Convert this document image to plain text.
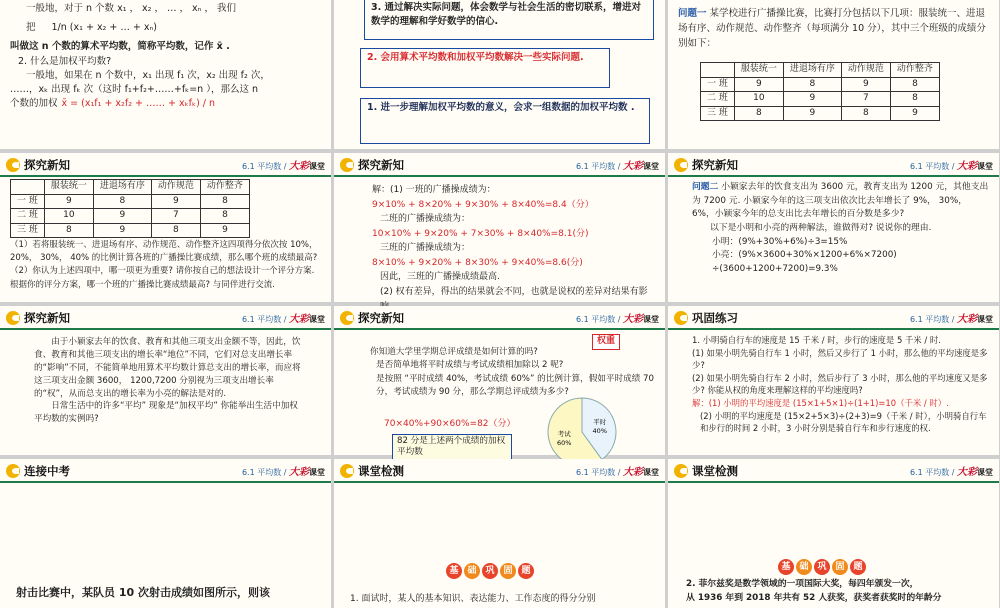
一般地，对于 n 个数 x₁ ， x₂ ， … ， xₙ ， 我们
把 1/n (x₁ + x₂ + … + xₙ)
叫做这 n 个数的算术平均数，简称平均数，记作 x̄ .
2. 什么是加权平均数?
一般地，如果在 n 个数中，x₁ 出现 f₁ 次，x₂ 出现 f₂ 次，
……，xₖ 出现 fₖ 次（这时 f₁+f₂+……+fₖ=n ），那么这 n
个数的加权 x̄ = (x₁f₁ + x₂f₂ + …… + xₖfₖ) / n
3. 通过解决实际问题，体会数学与社会生活的密切联系，增进对数学的理解和学好数学的信心.
2. 会用算术平均数和加权平均数解决一些实际问题.
1. 进一步理解加权平均数的意义，会求一组数据的加权平均数 .
问题一 某学校进行广播操比赛，比赛打分包括以下几项：服装统一、进退场有序、动作规范、动作整齐（每项满分 10 分），其中三个班级的成绩分别如下：
	服装统一	进退场有序	动作规范	动作整齐
一 班	9	8	9	8
二 班	10	9	7	8
三 班	8	9	8	9
探究新知	6.1 平均数 / 大彩课堂
	服装统一	进退场有序	动作规范	动作整齐
一 班	9	8	9	8
二 班	10	9	7	8
三 班	8	9	8	9
（1）若将服装统一、进退场有序、动作规范、动作整齐这四项得分依次按 10%， 20%， 30%， 40% 的比例计算各班的广播操比赛成绩，那么哪个班的成绩最高?
（2）你认为上述四项中，哪一项更为重要? 请你按自己的想法设计一个评分方案. 根据你的评分方案，哪一个班的广播操比赛成绩最高? 与同伴进行交流.
探究新知	6.1 平均数 / 大彩课堂
解：(1) 一班的广播操成绩为：
9×10% + 8×20% + 9×30% + 8×40%=8.4（分）
二班的广播操成绩为：
10×10% + 9×20% + 7×30% + 8×40%=8.1(分)
三班的广播操成绩为：
8×10% + 9×20% + 8×30% + 9×40%=8.6(分)
因此，三班的广播操成绩最高.
(2) 权有差异，得出的结果就会不同，也就是说权的差异对结果有影
探究新知	6.1 平均数 / 大彩课堂
问题二 小颖家去年的饮食支出为 3600 元，教育支出为 1200 元，其他支出为 7200 元. 小颖家今年的这三项支出依次比去年增长了 9%， 30%， 6%，小颖家今年的总支出比去年增长的百分数是多少?
以下是小明和小亮的两种解法，谁做得对? 说说你的理由.
小明：(9%+30%+6%)÷3=15%
小亮：(9%×3600+30%×1200+6%×7200)
÷(3600+1200+7200)=9.3%
探究新知	6.1 平均数 / 大彩课堂
由于小颖家去年的饮食、教育和其他三项支出金额不等，因此，饮食、教育和其他三项支出的增长率“地位”不同，它们对总支出增长率的“影响”不同，不能简单地用算术平均数计算总支出的增长率，而应将这三项支出金额 3600， 1200,7200 分别视为三项支出增长率的“权”，从而总支出的增长率为小亮的解法是对的.
日常生活中的许多“平均” 现象是“加权平均” 你能举出生活中加权平均数的实例吗?
探究新知	6.1 平均数 / 大彩课堂
权重
你知道大学里学期总评成绩是如何计算的吗?
是否简单地将平时成绩与考试成绩相加除以 2 呢?
是按照 “平时成绩 40%，考试成绩 60%” 的比例计算，假如平时成绩 70 分，考试成绩为 90 分，那么学期总评成绩为多少?
70×40%+90×60%=82（分）
82 分是上述两个成绩的加权平均数
考试
60%
平时
40%
巩固练习	6.1 平均数 / 大彩课堂
1. 小明骑自行车的速度是 15 千米 / 时，步行的速度是 5 千米 / 时.
(1) 如果小明先骑自行车 1 小时，然后又步行了 1 小时，那么他的平均速度是多少?
(2) 如果小明先骑自行车 2 小时，然后步行了 3 小时，那么他的平均速度又是多少? 你能从权的角度来理解这样的平均速度吗?
解：(1) 小明的平均速度是 (15×1+5×1)÷(1+1)=10（千米 / 时）.
(2) 小明的平均速度是 (15×2+5×3)÷(2+3)=9（千米 / 时），小明骑自行车和步行的时间 2 小时，3 小时分别是骑自行车和步行速度的权.
连接中考	6.1 平均数 / 大彩课堂
射击比赛中，某队员 10 次射击成绩如图所示，则该
课堂检测	6.1 平均数 / 大彩课堂
基 础 巩 固 题
1. 面试时，某人的基本知识、表达能力、工作态度的得分分别
课堂检测	6.1 平均数 / 大彩课堂
基 础 巩 固 题
2. 菲尔兹奖是数学领域的一项国际大奖，每四年颁发一次，
从 1936 年到 2018 年共有 52 人获奖，获奖者获奖时的年龄分
